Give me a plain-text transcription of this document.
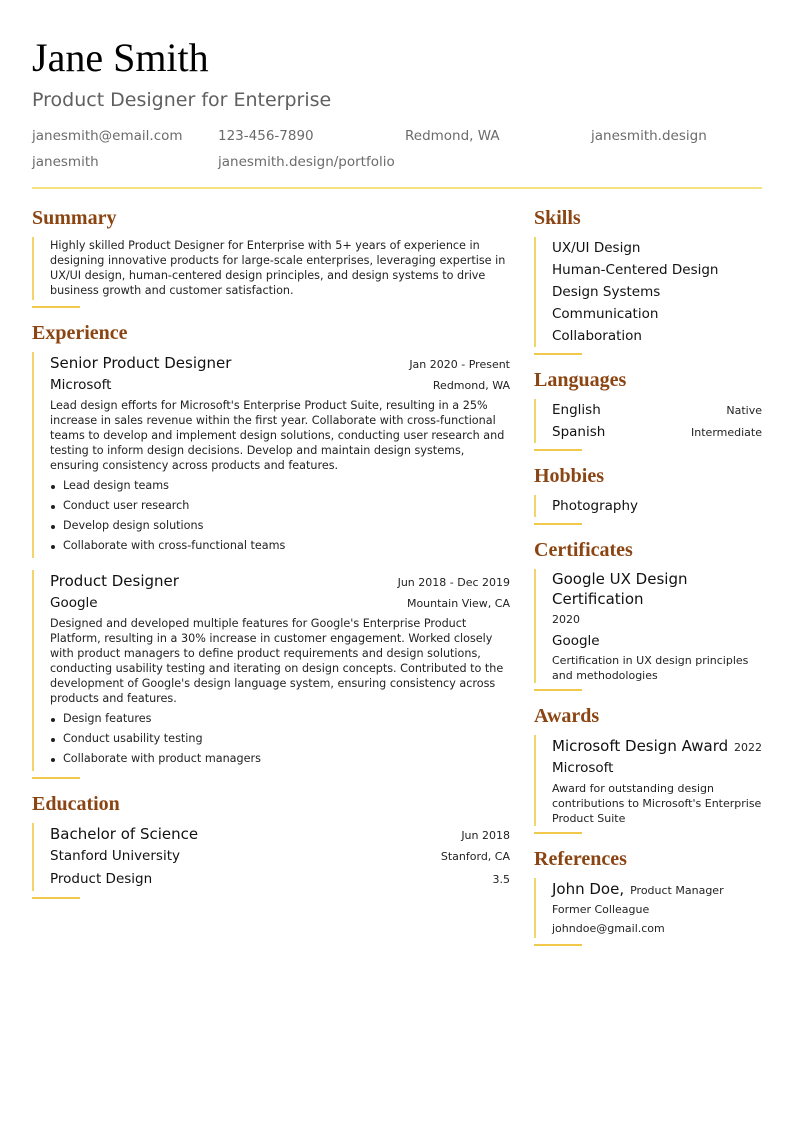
Jane Smith
Product Designer for Enterprise
janesmith@email.com	123-456-7890	Redmond, WA	janesmith.design
janesmith	janesmith.design/portfolio
Summary

Highly skilled Product Designer for Enterprise with 5+ years of experience in designing innovative products for large-scale enterprises, leveraging expertise in UX/UI design, human-centered design principles, and design systems to drive business growth and customer satisfaction.

Experience
Senior Product Designer	Jan 2020 - Present
Microsoft	Redmond, WA

Lead design efforts for Microsoft's Enterprise Product Suite, resulting in a 25% increase in sales revenue within the first year. Collaborate with cross-functional teams to develop and implement design solutions, conducting user research and testing to inform design decisions. Develop and maintain design systems, ensuring consistency across products and features.

Lead design teams
Conduct user research
Develop design solutions
Collaborate with cross-functional teams
Product Designer	Jun 2018 - Dec 2019
Google	Mountain View, CA

Designed and developed multiple features for Google's Enterprise Product Platform, resulting in a 30% increase in customer engagement. Worked closely with product managers to define product requirements and design solutions, conducting usability testing and iterating on design concepts. Contributed to the development of Google's design language system, ensuring consistency across products and features.

Design features
Conduct usability testing
Collaborate with product managers
Education
Bachelor of Science	Jun 2018
Stanford University	Stanford, CA
Product Design	3.5
Skills
UX/UI Design
Human-Centered Design
Design Systems
Communication
Collaboration
Languages
English	Native
Spanish	Intermediate
Hobbies
Photography
Certificates
Google UX Design Certification
2020
Google
Certification in UX design principles and methodologies
Awards
Microsoft Design Award 2022
Microsoft
Award for outstanding design contributions to Microsoft's Enterprise Product Suite
References
John Doe, Product Manager
Former Colleague
johndoe@gmail.com
